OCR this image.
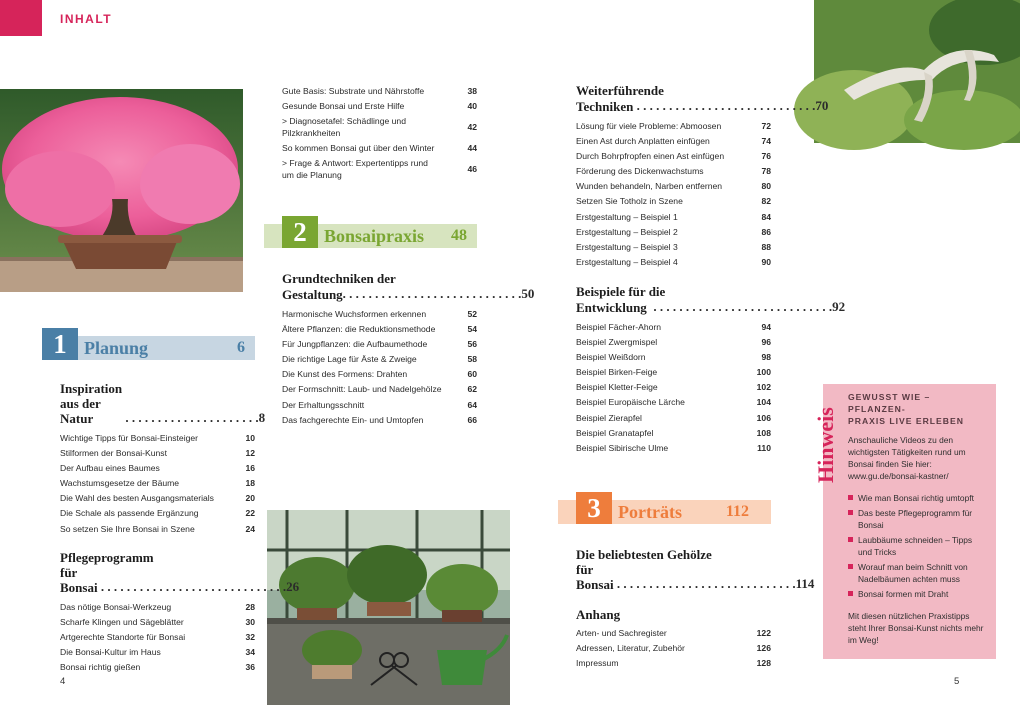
INHALT
1 Planung	6
Inspiration aus der Natur	. . . . . . . . . . . . . . . . . . . . . 8
Wichtige Tipps für Bonsai-Einsteiger	10
Stilformen der Bonsai-Kunst	12
Der Aufbau eines Baumes	16
Wachstumsgesetze der Bäume	18
Die Wahl des besten Ausgangsmaterials	20
Die Schale als passende Ergänzung	22
So setzen Sie Ihre Bonsai in Szene	24
Pflegeprogramm
für Bonsai . . . . . . . . . . . . . . . . . . . . . . . . . . . . . 26
Das nötige Bonsai-Werkzeug	28
Scharfe Klingen und Sägeblätter	30
Artgerechte Standorte für Bonsai	32
Die Bonsai-Kultur im Haus	34
Bonsai richtig gießen	36
Gute Basis: Substrate und Nährstoffe	38
Gesunde Bonsai und Erste Hilfe	40
> Diagnosetafel: Schädlinge und
Pilzkrankheiten
42
So kommen Bonsai gut über den Winter	44
> Frage & Antwort: Expertentipps rund
um die Planung
46
2 Bonsaipraxis	48
Grundtechniken der
Gestaltung . . . . . . . . . . . . . . . . . . . . . . . . . . . . 50
Harmonische Wuchsformen erkennen	52
Ältere Pflanzen: die Reduktionsmethode	54
Für Jungpflanzen: die Aufbaumethode	56
Die richtige Lage für Äste & Zweige	58
Die Kunst des Formens: Drahten	60
Der Formschnitt: Laub- und Nadelgehölze	62
Der Erhaltungsschnitt	64
Das fachgerechte Ein- und Umtopfen	66
Weiterführende
Techniken . . . . . . . . . . . . . . . . . . . . . . . . . . . . 70
Lösung für viele Probleme: Abmoosen	72
Einen Ast durch Anplatten einfügen	74
Durch Bohrpfropfen einen Ast einfügen	76
Förderung des Dickenwachstums	78
Wunden behandeln, Narben entfernen	80
Setzen Sie Totholz in Szene	82
Erstgestaltung – Beispiel 1	84
Erstgestaltung – Beispiel 2	86
Erstgestaltung – Beispiel 3	88
Erstgestaltung – Beispiel 4	90
Beispiele für die
Entwicklung . . . . . . . . . . . . . . . . . . . . . . . . . . . . 92
Beispiel Fächer-Ahorn	94
Beispiel Zwergmispel	96
Beispiel Weißdorn	98
Beispiel Birken-Feige	100
Beispiel Kletter-Feige	102
Beispiel Europäische Lärche	104
Beispiel Zierapfel	106
Beispiel Granatapfel	108
Beispiel Sibirische Ulme	110
3 Porträts	112
Die beliebtesten Gehölze
für Bonsai . . . . . . . . . . . . . . . . . . . . . . . . . . . . 114
Anhang
Arten- und Sachregister	122
Adressen, Literatur, Zubehör	126
Impressum	128
GEWUSST WIE – PFLANZEN-
PRAXIS LIVE ERLEBEN
Anschauliche Videos zu den wichtigsten Tätigkeiten rund um Bonsai finden Sie hier: www.gu.de/bonsai-kastner/
Wie man Bonsai richtig umtopft
Das beste Pflegeprogramm für Bonsai
Laubbäume schneiden – Tipps und Tricks
Worauf man beim Schnitt von Nadelbäumen achten muss
Bonsai formen mit Draht
Mit diesen nützlichen Praxistipps steht Ihrer Bonsai-Kunst nichts mehr im Weg!
Hinweis
4	5
